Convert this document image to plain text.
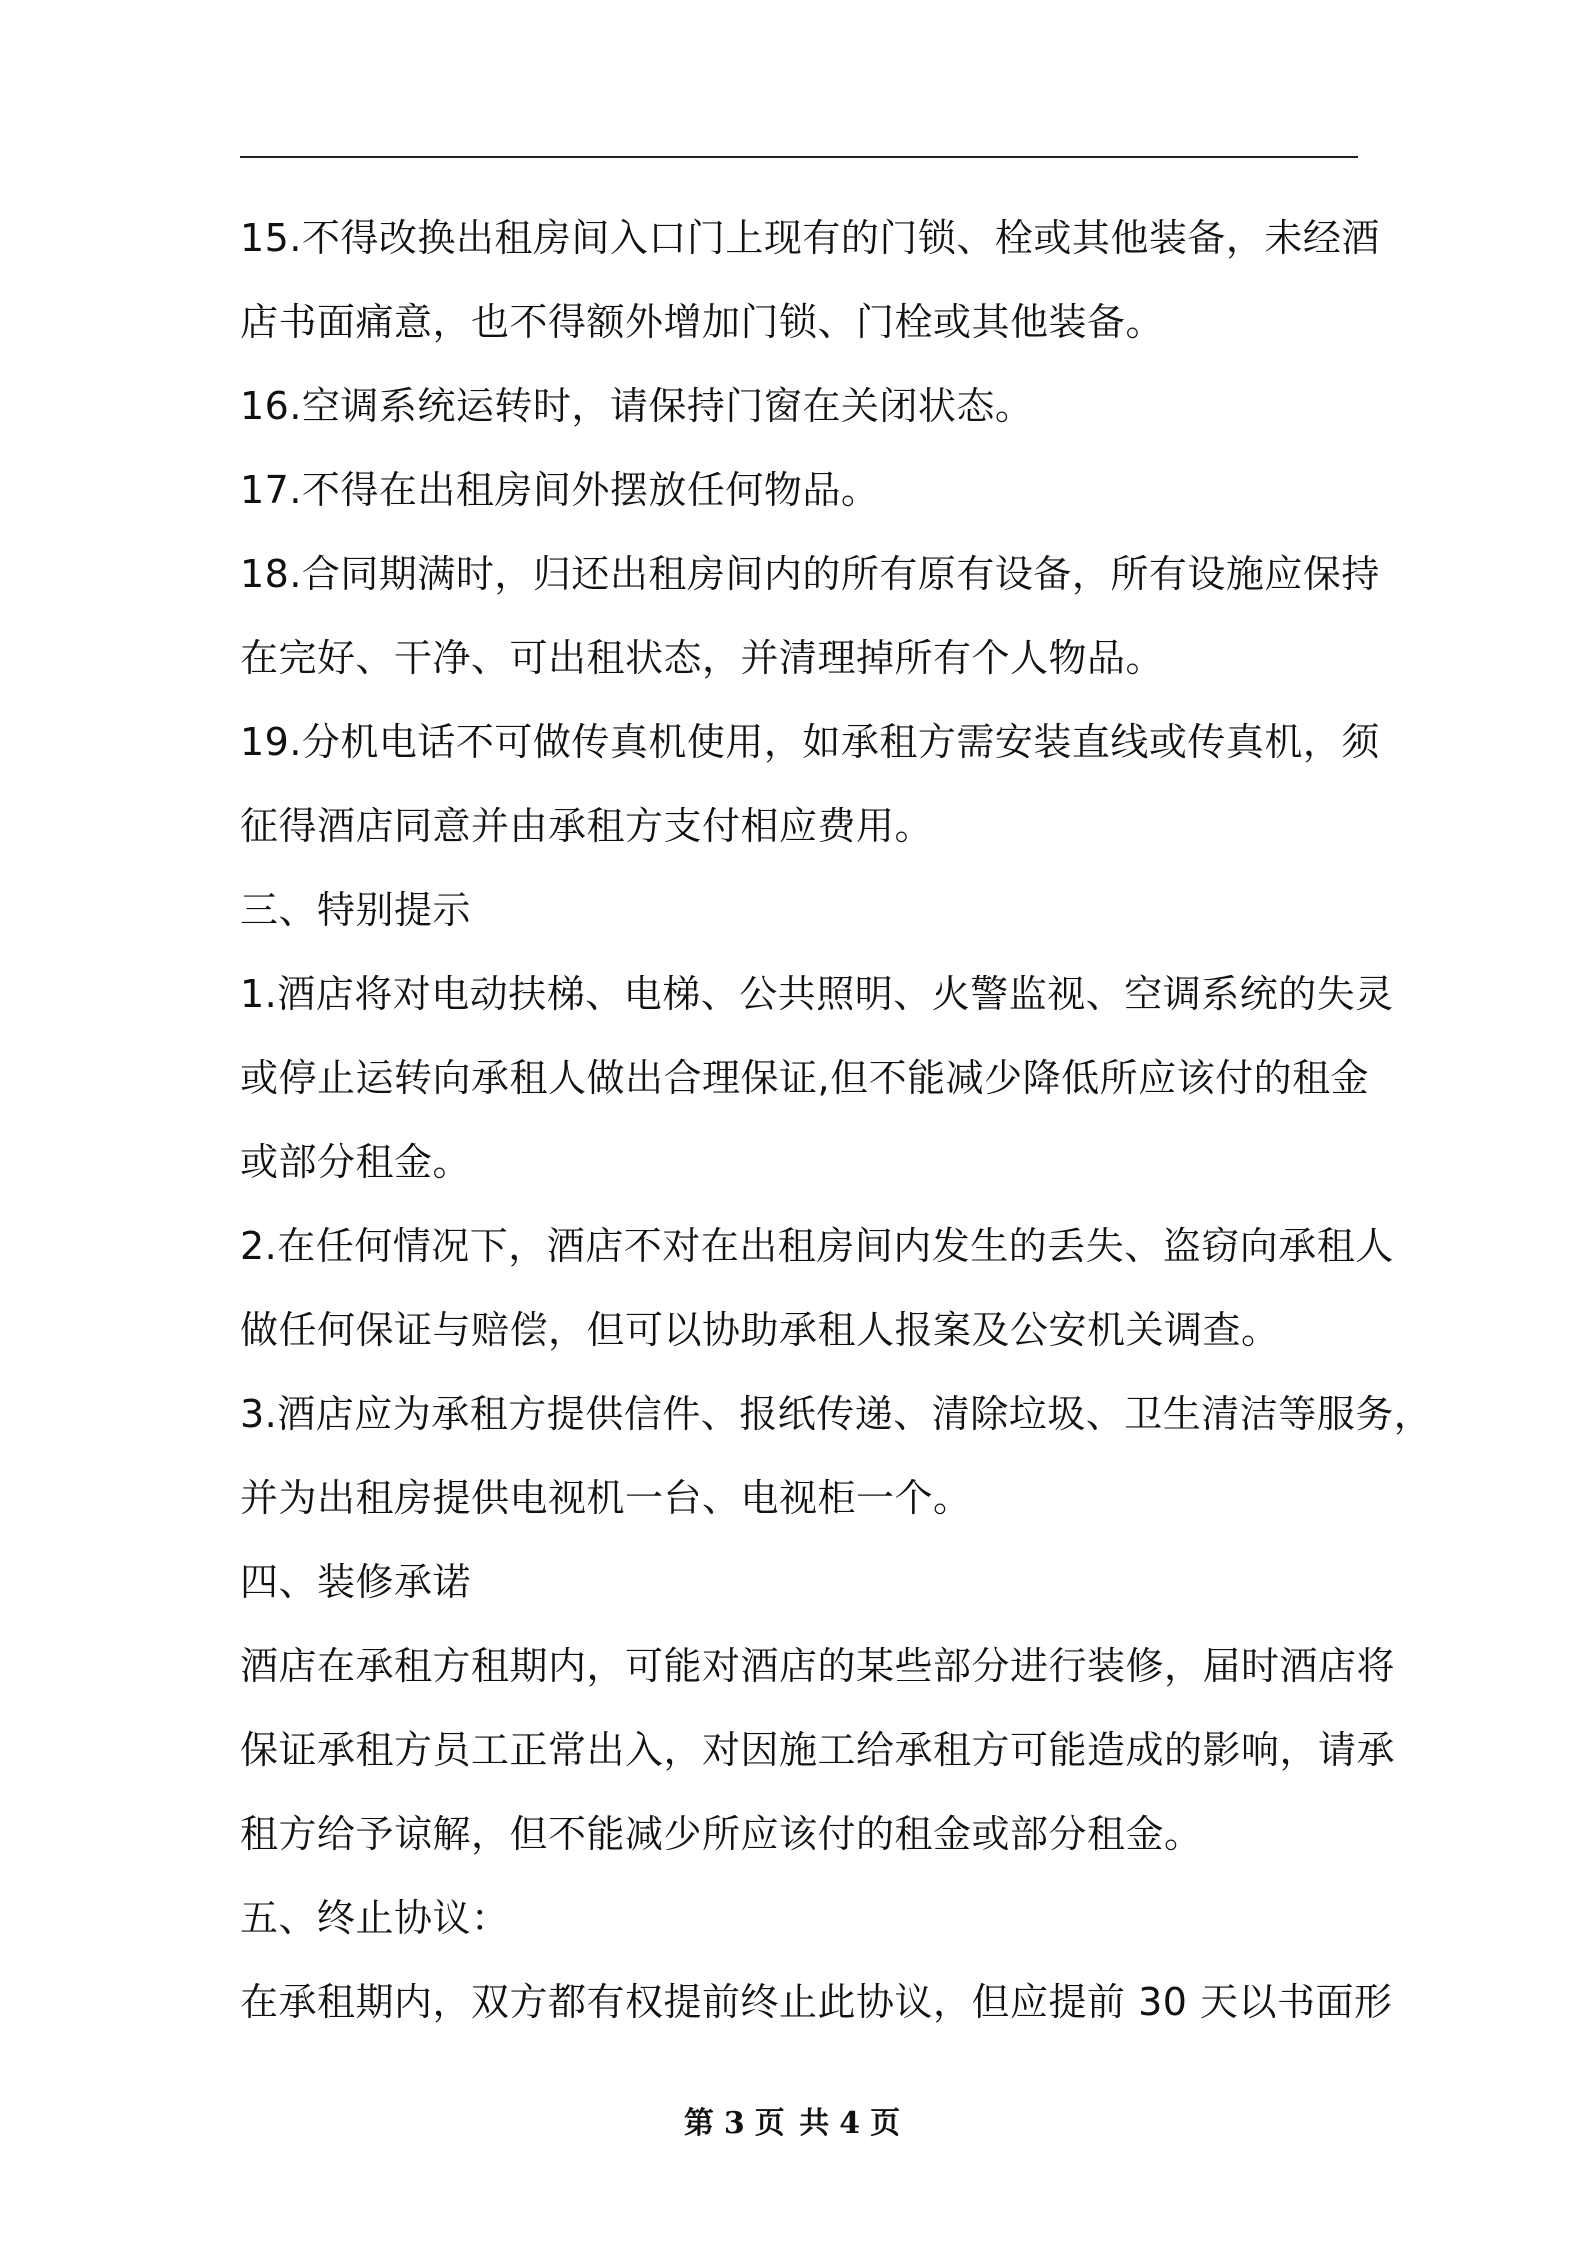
15.不得改换出租房间入口门上现有的门锁、栓或其他装备，未经酒
店书面痛意，也不得额外增加门锁、门栓或其他装备。
16.空调系统运转时，请保持门窗在关闭状态。
17.不得在出租房间外摆放任何物品。
18.合同期满时，归还出租房间内的所有原有设备，所有设施应保持
在完好、干净、可出租状态，并清理掉所有个人物品。
19.分机电话不可做传真机使用，如承租方需安装直线或传真机，须
征得酒店同意并由承租方支付相应费用。
三、特别提示
1.酒店将对电动扶梯、电梯、公共照明、火警监视、空调系统的失灵
或停止运转向承租人做出合理保证,但不能减少降低所应该付的租金
或部分租金。
2.在任何情况下，酒店不对在出租房间内发生的丢失、盗窃向承租人
做任何保证与赔偿，但可以协助承租人报案及公安机关调查。
3.酒店应为承租方提供信件、报纸传递、清除垃圾、卫生清洁等服务，
并为出租房提供电视机一台、电视柜一个。
四、装修承诺
酒店在承租方租期内，可能对酒店的某些部分进行装修，届时酒店将
保证承租方员工正常出入，对因施工给承租方可能造成的影响，请承
租方给予谅解，但不能减少所应该付的租金或部分租金。
五、终止协议：
在承租期内，双方都有权提前终止此协议，但应提前 30 天以书面形
第 3 页 共 4 页
